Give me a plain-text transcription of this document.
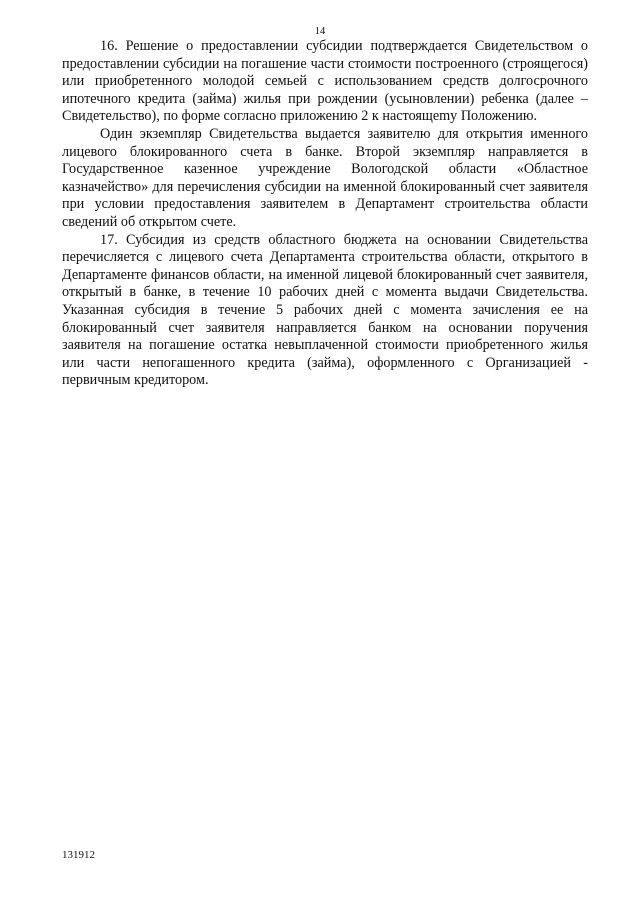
14

16. Решение о предоставлении субсидии подтверждается Свидетельством о предоставлении субсидии на погашение части стоимости построенного (строящегося) или приобретенного молодой семьей с использованием средств долгосрочного ипотечного кредита (займа) жилья при рождении (усыновлении) ребенка (далее – Свидетельство), по форме согласно приложению 2 к настоящеmy Положению.

Один экземпляр Свидетельства выдается заявителю для открытия именного лицевого блокированного счета в банке. Второй экземпляр направляется в Государственное казенное учреждение Вологодской области «Областное казначейство» для перечисления субсидии на именной блокированный счет заявителя при условии предоставления заявителем в Департамент строительства области сведений об открытом счете.

17. Субсидия из средств областного бюджета на основании Свидетельства перечисляется с лицевого счета Департамента строительства области, открытого в Департаменте финансов области, на именной лицевой блокированный счет заявителя, открытый в банке, в течение 10 рабочих дней с момента выдачи Свидетельства. Указанная субсидия в течение 5 рабочих дней с момента зачисления ее на блокированный счет заявителя направляется банком на основании поручения заявителя на погашение остатка невыплаченной стоимости приобретенного жилья или части непогашенного кредита (займа), оформленного с Организацией - первичным кредитором.

131912
